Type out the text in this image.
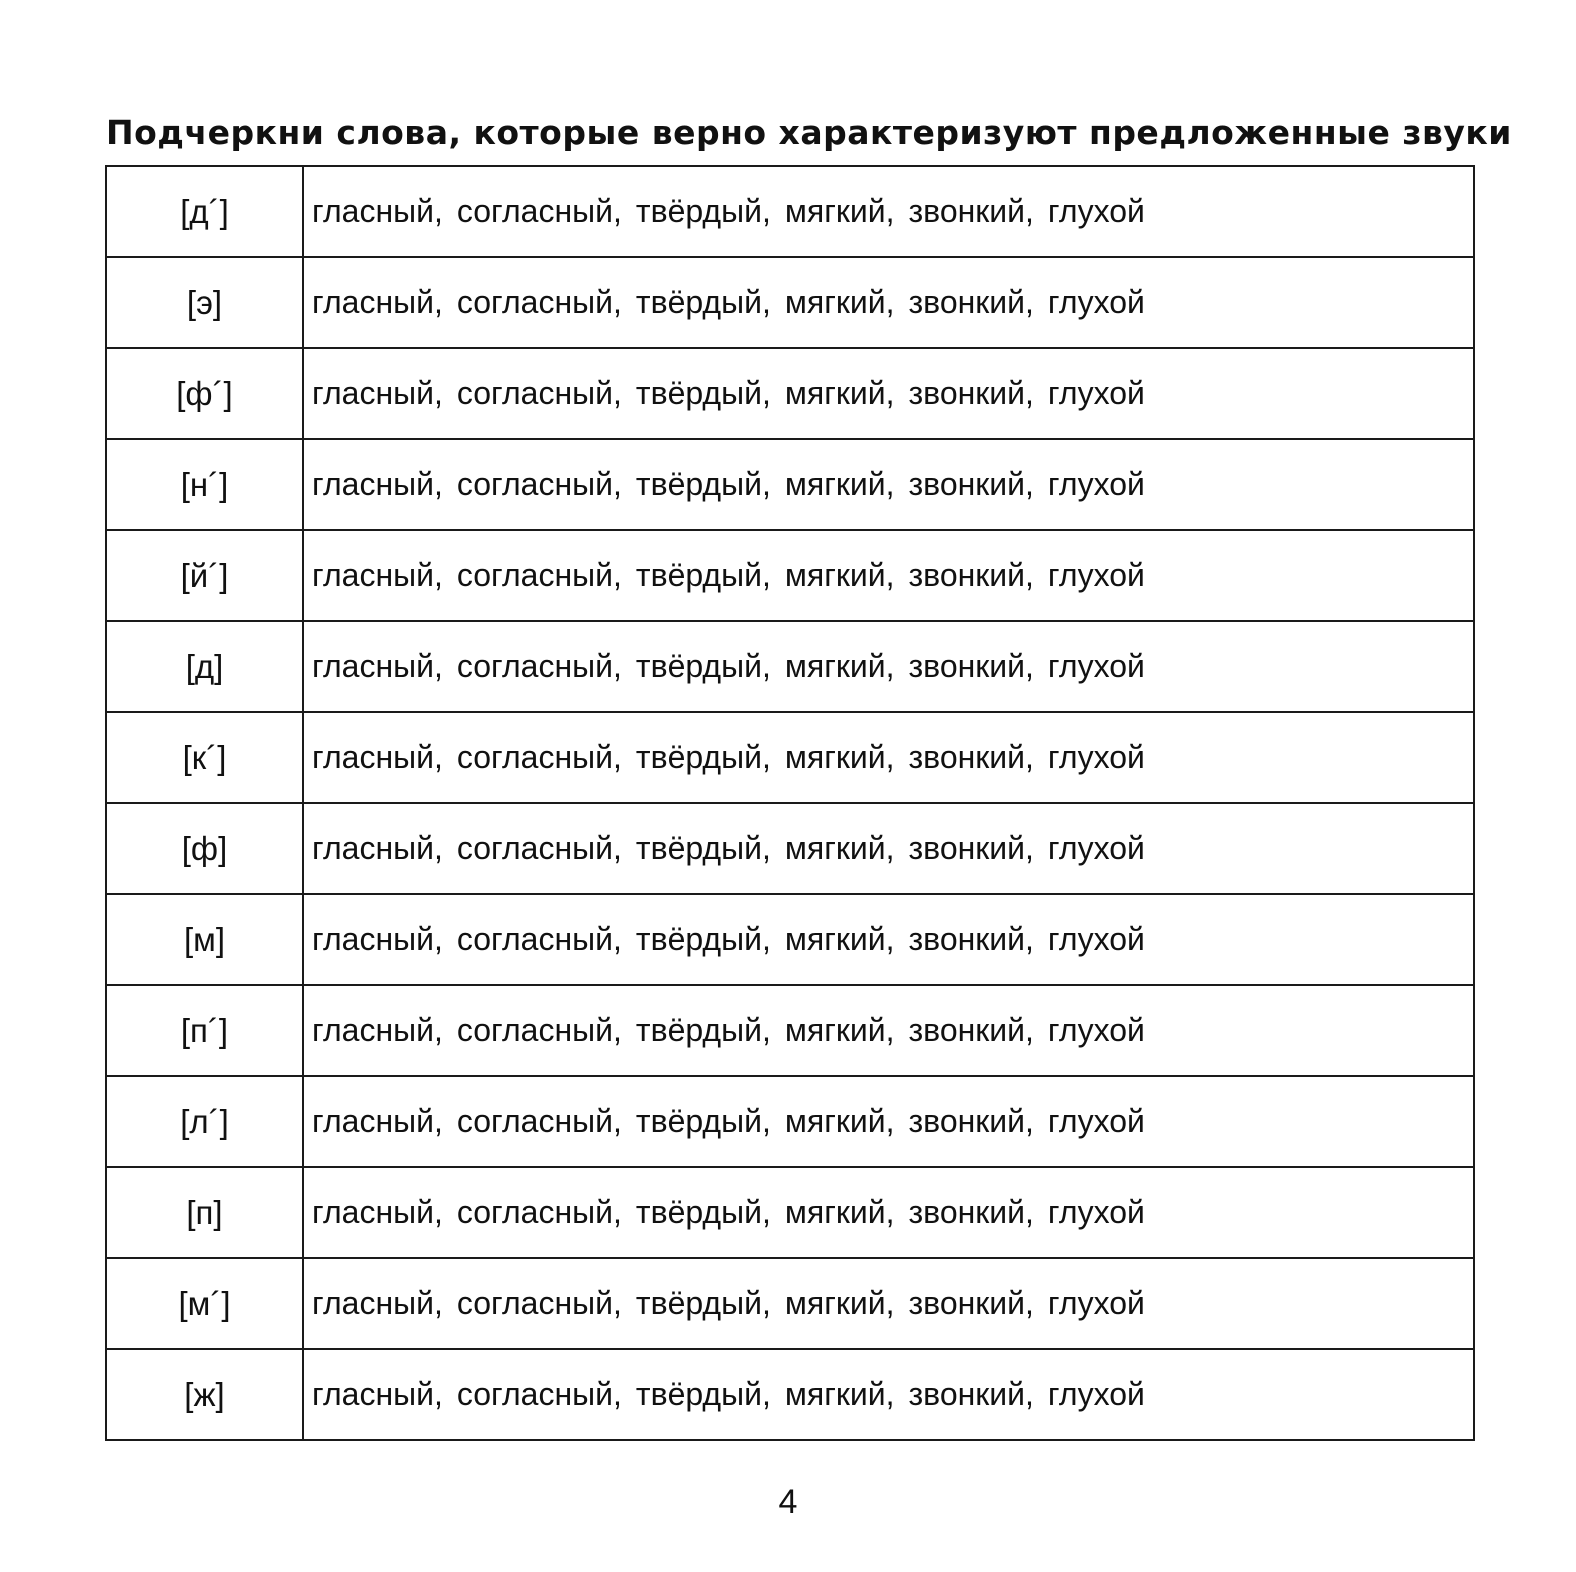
Подчеркни слова, которые верно характеризуют предложенные звуки
[д´]	гласный, согласный, твёрдый, мягкий, звонкий, глухой
[э]	гласный, согласный, твёрдый, мягкий, звонкий, глухой
[ф´]	гласный, согласный, твёрдый, мягкий, звонкий, глухой
[н´]	гласный, согласный, твёрдый, мягкий, звонкий, глухой
[й´]	гласный, согласный, твёрдый, мягкий, звонкий, глухой
[д]	гласный, согласный, твёрдый, мягкий, звонкий, глухой
[к´]	гласный, согласный, твёрдый, мягкий, звонкий, глухой
[ф]	гласный, согласный, твёрдый, мягкий, звонкий, глухой
[м]	гласный, согласный, твёрдый, мягкий, звонкий, глухой
[п´]	гласный, согласный, твёрдый, мягкий, звонкий, глухой
[л´]	гласный, согласный, твёрдый, мягкий, звонкий, глухой
[п]	гласный, согласный, твёрдый, мягкий, звонкий, глухой
[м´]	гласный, согласный, твёрдый, мягкий, звонкий, глухой
[ж]	гласный, согласный, твёрдый, мягкий, звонкий, глухой
4
